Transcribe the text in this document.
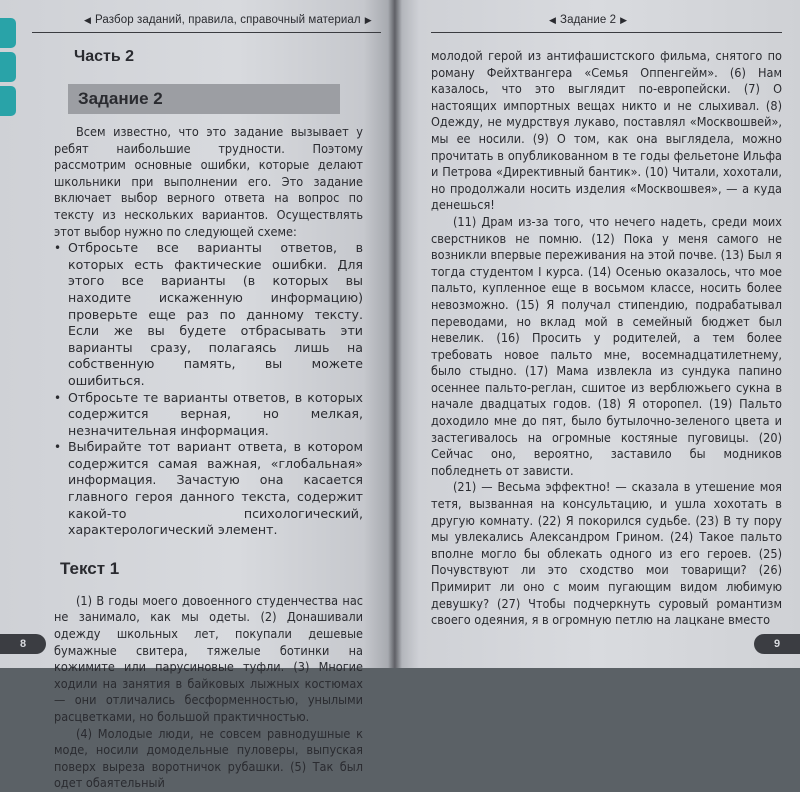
◀ Разбор заданий, правила, справочный материал ▶
Часть 2
Задание 2

Всем известно, что это задание вызывает у ребят наибольшие трудности. Поэтому рассмотрим основные ошибки, которые делают школьники при выполнении его. Это задание включает выбор верного ответа на вопрос по тексту из нескольких вариантов. Осуществлять этот выбор нужно по следующей схеме:

• Отбросьте все варианты ответов, в которых есть фактические ошибки. Для этого все варианты (в которых вы находите искаженную информацию) проверьте еще раз по данному тексту. Если же вы будете отбрасывать эти варианты сразу, полагаясь лишь на собственную память, вы можете ошибиться.
• Отбросьте те варианты ответов, в которых содержится верная, но мелкая, незначительная информация.
• Выбирайте тот вариант ответа, в котором содержится самая важная, «глобальная» информация. Зачастую она касается главного героя данного текста, содержит какой-то психологический, характерологический элемент.
Текст 1

(1) В годы моего довоенного студенчества нас не занимало, как мы одеты. (2) Донашивали одежду школьных лет, покупали дешевые бумажные свитера, тяжелые ботинки на кожимите или парусиновые туфли. (3) Многие ходили на занятия в байковых лыжных костюмах — они отличались бесформенностью, унылыми расцветками, но большой практичностью.

(4) Молодые люди, не совсем равнодушные к моде, носили домодельные пуловеры, выпуская поверх выреза воротничок рубашки. (5) Так был одет обаятельный

8
◀ Задание 2 ▶

молодой герой из антифашистского фильма, снятого по роману Фейхтвангера «Семья Оппенгейм». (6) Нам казалось, что это выглядит по-европейски. (7) О настоящих импортных вещах никто и не слыхивал. (8) Одежду, не мудрствуя лукаво, поставлял «Москвошвей», мы ее носили. (9) О том, как она выглядела, можно прочитать в опубликованном в те годы фельетоне Ильфа и Петрова «Директивный бантик». (10) Читали, хохотали, но продолжали носить изделия «Москвошвея», — а куда денешься!

(11) Драм из-за того, что нечего надеть, среди моих сверстников не помню. (12) Пока у меня самого не возникли впервые переживания на этой почве. (13) Был я тогда студентом I курса. (14) Осенью оказалось, что мое пальто, купленное еще в восьмом классе, носить более невозможно. (15) Я получал стипендию, подрабатывал переводами, но вклад мой в семейный бюджет был невелик. (16) Просить у родителей, а тем более требовать новое пальто мне, восемнадцатилетнему, было стыдно. (17) Мама извлекла из сундука папино осеннее пальто-реглан, сшитое из верблюжьего сукна в начале двадцатых годов. (18) Я оторопел. (19) Пальто доходило мне до пят, было бутылочно-зеленого цвета и застегивалось на огромные костяные пуговицы. (20) Сейчас оно, вероятно, заставило бы модников побледнеть от зависти.

(21) — Весьма эффектно! — сказала в утешение моя тетя, вызванная на консультацию, и ушла хохотать в другую комнату. (22) Я покорился судьбе. (23) В ту пору мы увлекались Александром Грином. (24) Такое пальто вполне могло бы облекать одного из его героев. (25) Почувствуют ли это сходство мои товарищи? (26) Примирит ли оно с моим пугающим видом любимую девушку? (27) Чтобы подчеркнуть суровый романтизм своего одеяния, я в огромную петлю на лацкане вместо

9
